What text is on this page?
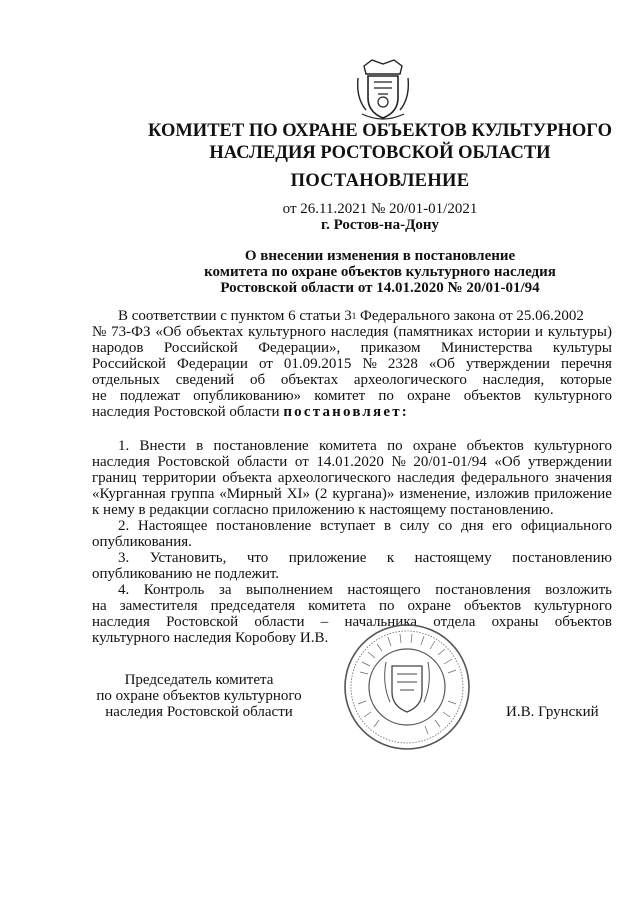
КОМИТЕТ ПО ОХРАНЕ ОБЪЕКТОВ КУЛЬТУРНОГО
НАСЛЕДИЯ РОСТОВСКОЙ ОБЛАСТИ
ПОСТАНОВЛЕНИЕ
от 26.11.2021 № 20/01-01/2021
г. Ростов-на-Дону
О внесении изменения в постановление
комитета по охране объектов культурного наследия
Ростовской области от 14.01.2020 № 20/01-01/94
В соответствии с пунктом 6 статьи 3 1 Федерального закона от 25.06.2002
№ 73-ФЗ «Об объектах культурного наследия (памятниках истории и культуры)
народов Российской Федерации», приказом Министерства культуры
Российской Федерации от 01.09.2015 № 2328 «Об утверждении перечня
отдельных сведений об объектах археологического наследия, которые
не подлежат опубликованию» комитет по охране объектов культурного
наследия Ростовской области постановляет:
1. Внести в постановление комитета по охране объектов культурного
наследия Ростовской области от 14.01.2020 № 20/01-01/94 «Об утверждении
границ территории объекта археологического наследия федерального значения
«Курганная группа «Мирный XI» (2 кургана)» изменение, изложив приложение
к нему в редакции согласно приложению к настоящему постановлению.
2. Настоящее постановление вступает в силу со дня его официального
опубликования.
3. Установить, что приложение к настоящему постановлению
опубликованию не подлежит.
4. Контроль за выполнением настоящего постановления возложить
на заместителя председателя комитета по охране объектов культурного
наследия Ростовской области – начальника отдела охраны объектов
культурного наследия Коробову И.В.
Председатель комитета
по охране объектов культурного
наследия Ростовской области	И.В. Грунский
